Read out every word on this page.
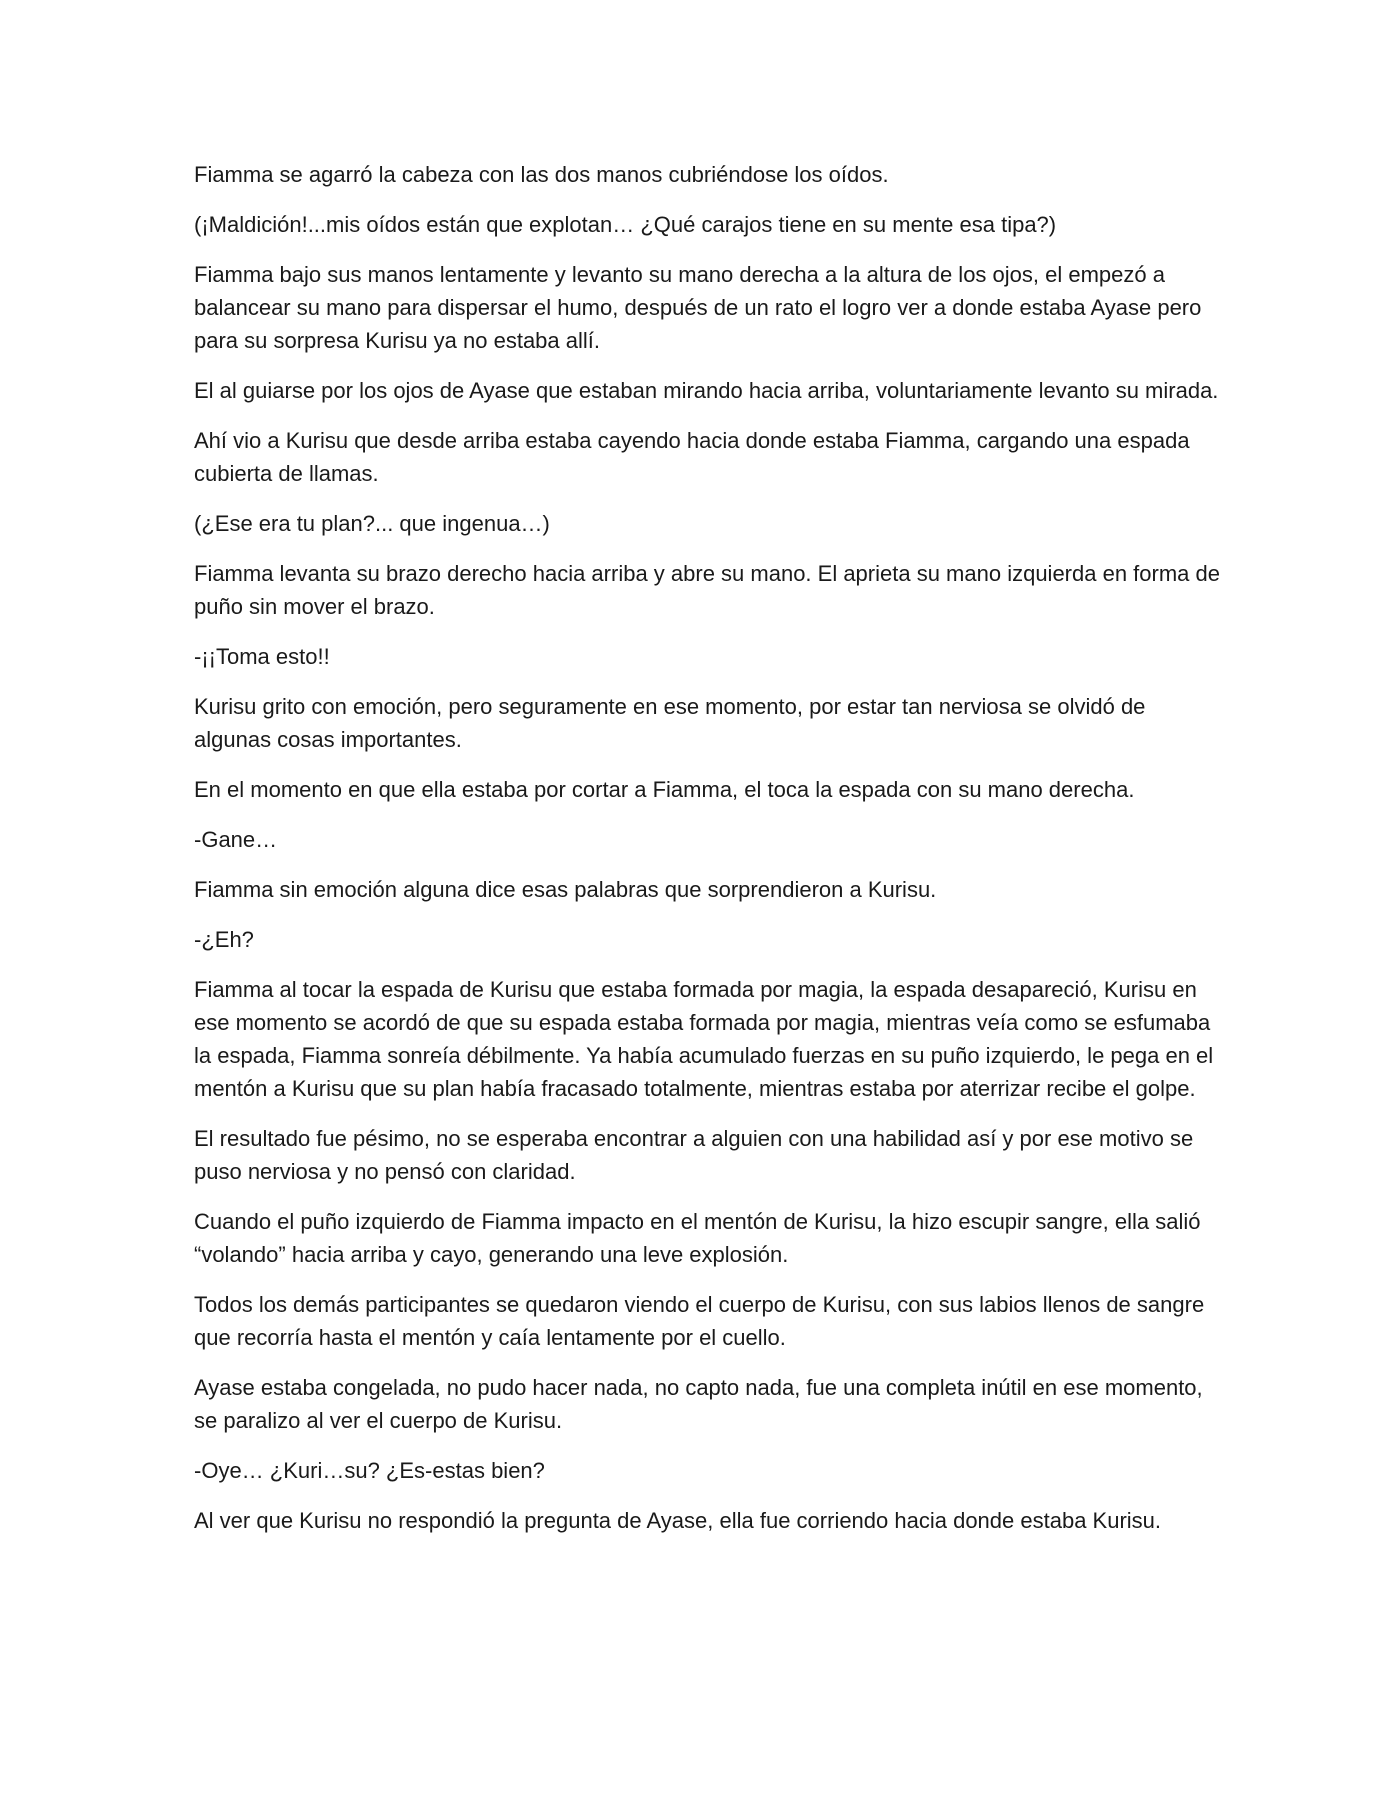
Fiamma se agarró la cabeza con las dos manos cubriéndose los oídos.

(¡Maldición!...mis oídos están que explotan… ¿Qué carajos tiene en su mente esa tipa?)

Fiamma bajo sus manos lentamente y levanto su mano derecha a la altura de los ojos, el empezó a balancear su mano para dispersar el humo, después de un rato el logro ver a donde estaba Ayase pero para su sorpresa Kurisu ya no estaba allí.

El al guiarse por los ojos de Ayase que estaban mirando hacia arriba, voluntariamente levanto su mirada.

Ahí vio a Kurisu que desde arriba estaba cayendo hacia donde estaba Fiamma, cargando una espada cubierta de llamas.

(¿Ese era tu plan?... que ingenua…)

Fiamma levanta su brazo derecho hacia arriba y abre su mano. El aprieta su mano izquierda en forma de puño sin mover el brazo.

-¡¡Toma esto!!

Kurisu grito con emoción, pero seguramente en ese momento, por estar tan nerviosa se olvidó de algunas cosas importantes.

En el momento en que ella estaba por cortar a Fiamma, el toca la espada con su mano derecha.

-Gane…

Fiamma sin emoción alguna dice esas palabras que sorprendieron a Kurisu.

-¿Eh?

Fiamma al tocar la espada de Kurisu que estaba formada por magia, la espada desapareció, Kurisu en ese momento se acordó de que su espada estaba formada por magia, mientras veía como se esfumaba la espada, Fiamma sonreía débilmente. Ya había acumulado fuerzas en su puño izquierdo, le pega en el mentón a Kurisu que su plan había fracasado totalmente, mientras estaba por aterrizar recibe el golpe.

El resultado fue pésimo, no se esperaba encontrar a alguien con una habilidad así y por ese motivo se puso nerviosa y no pensó con claridad.

Cuando el puño izquierdo de Fiamma impacto en el mentón de Kurisu, la hizo escupir sangre, ella salió “volando” hacia arriba y cayo, generando una leve explosión.

Todos los demás participantes se quedaron viendo el cuerpo de Kurisu, con sus labios llenos de sangre que recorría hasta el mentón y caía lentamente por el cuello.

Ayase estaba congelada, no pudo hacer nada, no capto nada, fue una completa inútil en ese momento, se paralizo al ver el cuerpo de Kurisu.

-Oye… ¿Kuri…su? ¿Es-estas bien?

Al ver que Kurisu no respondió la pregunta de Ayase, ella fue corriendo hacia donde estaba Kurisu.
